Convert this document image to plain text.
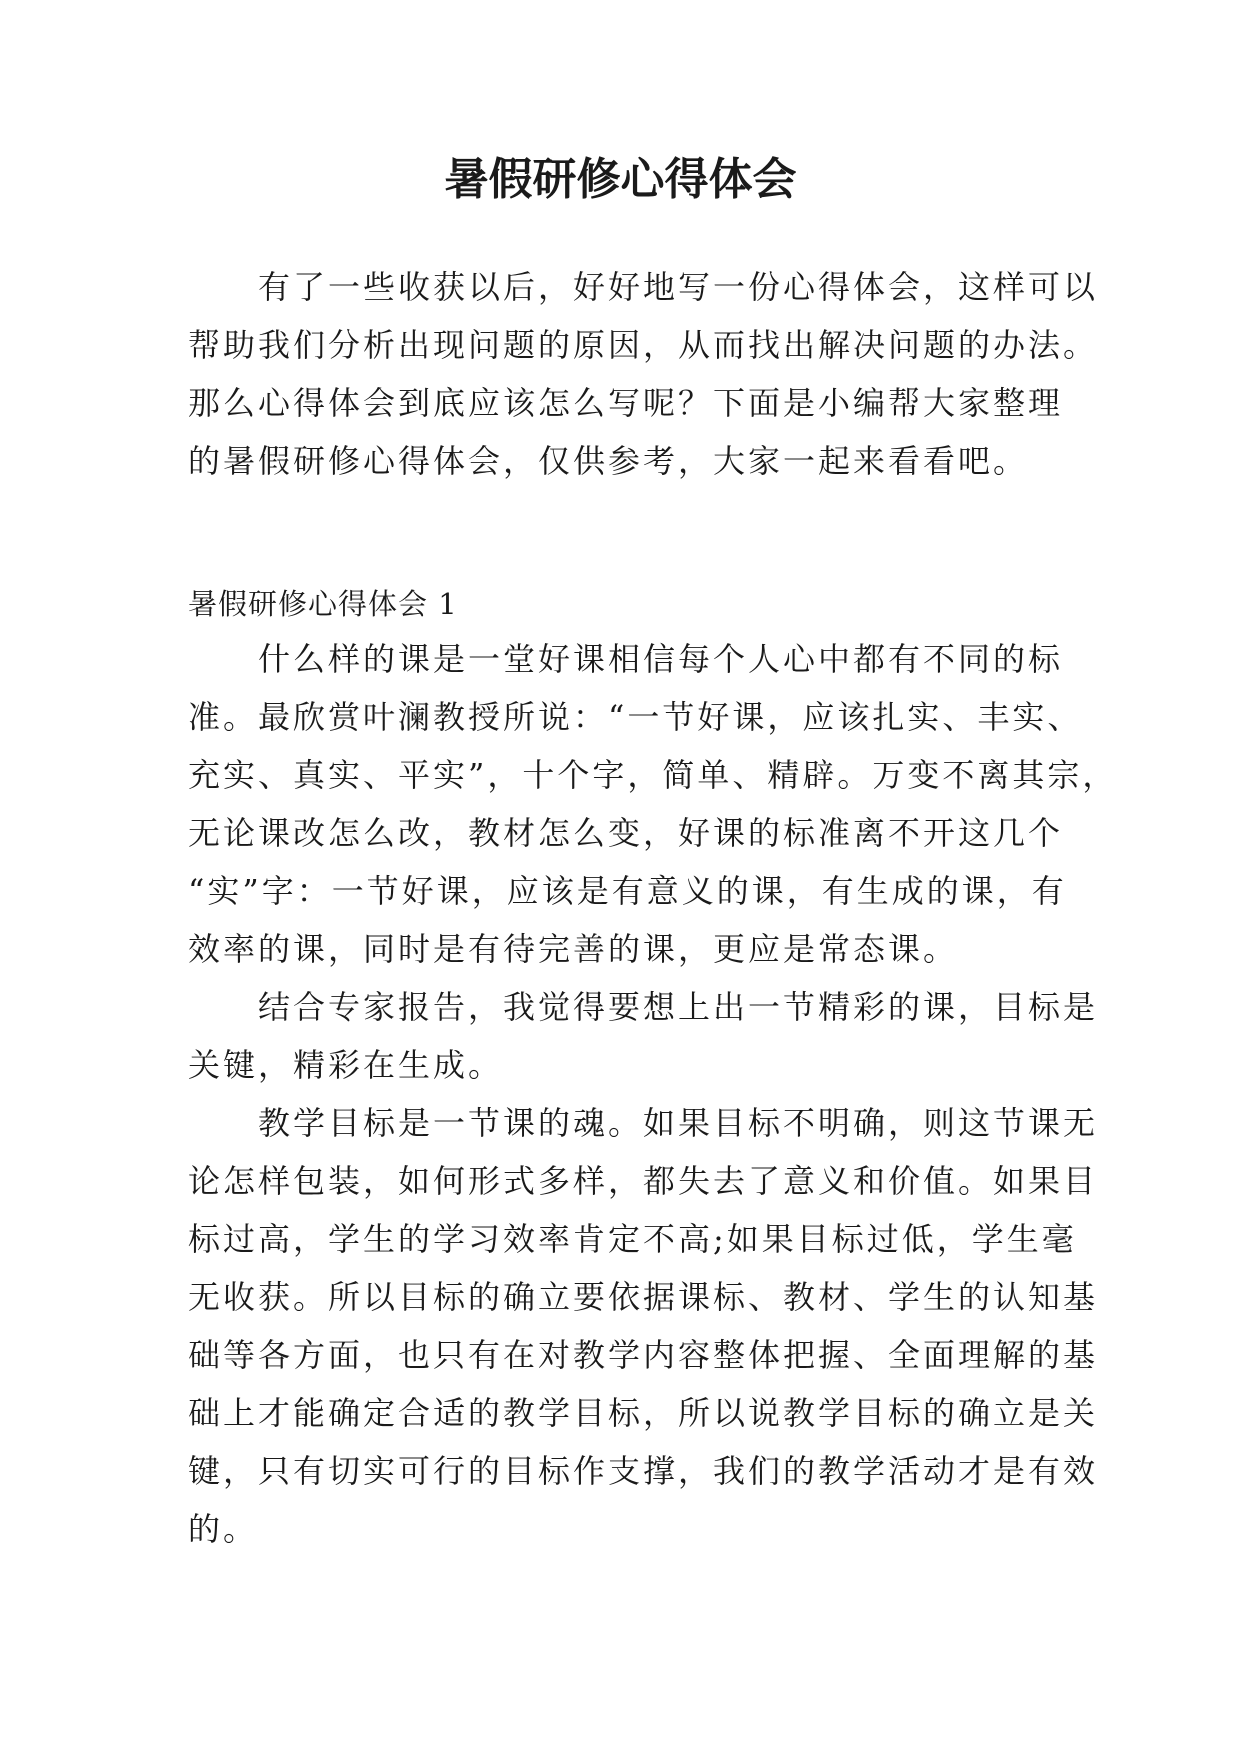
暑假研修心得体会
　　有了一些收获以后，好好地写一份心得体会，这样可以
帮助我们分析出现问题的原因，从而找出解决问题的办法。
那么心得体会到底应该怎么写呢？下面是小编帮大家整理
的暑假研修心得体会，仅供参考，大家一起来看看吧。
暑假研修心得体会 1
　　什么样的课是一堂好课相信每个人心中都有不同的标
准。最欣赏叶澜教授所说：“一节好课，应该扎实、丰实、
充实、真实、平实”，十个字，简单、精辟。万变不离其宗，
无论课改怎么改，教材怎么变，好课的标准离不开这几个
“实”字：一节好课，应该是有意义的课，有生成的课，有
效率的课，同时是有待完善的课，更应是常态课。
　　结合专家报告，我觉得要想上出一节精彩的课，目标是
关键，精彩在生成。
　　教学目标是一节课的魂。如果目标不明确，则这节课无
论怎样包装，如何形式多样，都失去了意义和价值。如果目
标过高，学生的学习效率肯定不高;如果目标过低，学生毫
无收获。所以目标的确立要依据课标、教材、学生的认知基
础等各方面，也只有在对教学内容整体把握、全面理解的基
础上才能确定合适的教学目标，所以说教学目标的确立是关
键，只有切实可行的目标作支撑，我们的教学活动才是有效
的。
